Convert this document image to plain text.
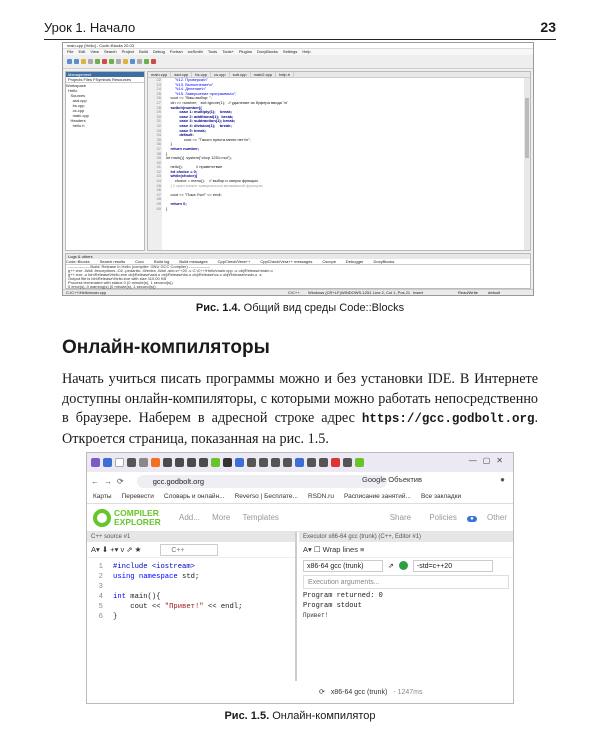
Урок 1. Начало	23
main.cpp [Hello] - Code::Blocks 20.03
File Edit View Search Project Build Debug Fortran wxSmith Tools Tools+ Plugins DoxyBlocks Settings Help
Management
Projects Files FSymbols Resources
Workspace
Hello
Sources
asd.cpp
bs.cpp
cs.cpp
main.cpp
Headers
hello.h
main.cpp asd.cpp bs.cpp cs.cpp sub.cpp main2.cpp help.h
22
23
24
25
26
27
28
29
30
31
32
33
34
35
36
37
38
39
40
41
42
43
44
45
46
47
48
49
50
"\t12. Проверка\n"
"\t13. Выполнение\n"
"\t14. Деление\n"
"\t15. Завершение программы\n";
cout << "Ваш выбор: ";
cin >> number;   std::ignore(1);   // удаление из буфера ввода '\n'
switch(number){
case 1: multiply(1);    break;
case 2: additional(1);  break;
case 3: subtraction(1); break;
case 4: division(1);    break;
case 5: break;
default:
cout << "Такого пункта меню нет!\n";
}
return number;
}
int main(){  system("chcp 1251>nul");

hello();            // приветствие
int choice = 0;
while(choice){
choice = menu();    // выбор и запуск функции
} // цикл может завершиться вызвавший функцию

cout << "Пока Учи!" << endl;

return 0;
}
Logs & others
Code::Blocks	Search results	Cccc	Build log	Build messages	CppCheck/Vera++	CppCheck/Vera++ messages	Cscope	Debugger	DoxyBlocks
---------------- Build: Release in Hello (compiler: GNU GCC Compiler) ----------------
g++.exe -Wall -fexceptions -O2 -pedantic -Wextra -Wall -std=c++20 -c C:\C++\Hello\main.cpp -o obj\Release\main.o
g++.exe -o bin\Release\Hello.exe obj\Release\asd.o obj\Release\bs.o obj\Release\cs.o obj\Release\main.o -s
Output file is bin\Release\Hello.exe with size 110.00 KB
Process terminated with status 0 (0 minute(s), 1 second(s))
0 error(s), 0 warning(s) (0 minute(s), 1 second(s))
C:\C++\Hello\main.cpp	C/C++ Windows (CR+LF) WINDOWS-1251 Line 2, Col 1, Pos 21 Insert	Read/Write	default
Рис. 1.4. Общий вид среды Code::Blocks
Онлайн-компиляторы

Начать учиться писать программы можно и без установки IDE. В Интернете доступны онлайн-компиляторы, с которыми можно работать непосредственно в браузере. Наберем в адресной строке адрес https://gcc.godbolt.org. Откроется страница, показанная на рис. 1.5.

—▢✕
← → ⟳	gcc.godbolt.org	Google Объектив	●
Карты Перевести Словарь и онлайн... Reverso | Бесплате... RSDN.ru Расписание занятий... Все закладки
COMPILER
EXPLORER Add... More Templates	Share Policies ● Other
C++ source #1
A▾ ⬇ +▾ v ⇗ ★	C++
1 #include <iostream>
2 using namespace std;
3
4 int main(){
5    cout << "Привет!" << endl;
6 }
Executor x86-64 gcc (trunk) (C++, Editor #1)
A▾ ☐ Wrap lines ≡
x86-64 gcc (trunk)	⇗	-std=c++20
Execution arguments...
Program returned: 0
Program stdout
Привет!
⟳ x86-64 gcc (trunk) - 1247ms
Рис. 1.5. Онлайн-компилятор
